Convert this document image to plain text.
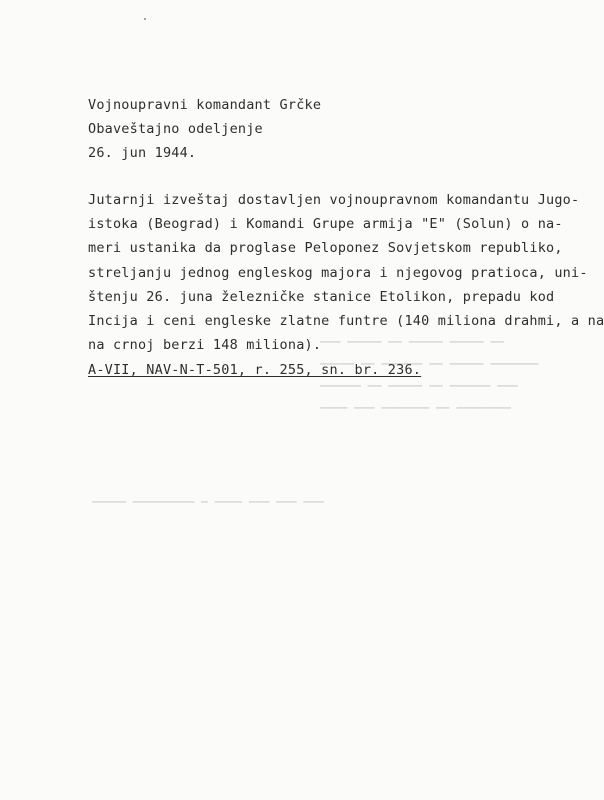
Vojnoupravni komandant Grčke
Obaveštajno odeljenje
26. jun 1944.
Jutarnji izveštaj dostavljen vojnoupravnom komandantu Jugo-
istoka (Beograd) i Komandi Grupe armija "E" (Solun) o na-
meri ustanika da proglase Peloponez Sovjetskom republiko,
streljanju jednog engleskog majora i njegovog pratioca, uni-
štenju 26. juna železničke stanice Etolikon, prepadu kod
Incija i ceni engleske zlatne funtre (140 miliona drahmi, a na
na crnoj berzi 148 miliona).
▁▁▁ ▁▁▁▁▁ ▁▁ ▁▁▁▁▁ ▁▁▁▁▁ ▁▁
▁▁▁▁▁ ▁▁ ▁▁▁▁▁▁ ▁▁ ▁▁▁▁▁ ▁▁▁▁▁▁▁
▁▁▁▁▁▁ ▁▁ ▁▁▁▁▁ ▁▁ ▁▁▁▁▁▁ ▁▁▁
▁▁▁▁ ▁▁▁ ▁▁▁▁▁▁▁ ▁▁ ▁▁▁▁▁▁▁▁
▁▁▁▁▁ ▁▁▁▁▁▁▁▁▁ ▁ ▁▁▁▁ ▁▁▁ ▁▁▁ ▁▁▁
A-VII, NAV-N-T-501, r. 255, sn. br. 236.
